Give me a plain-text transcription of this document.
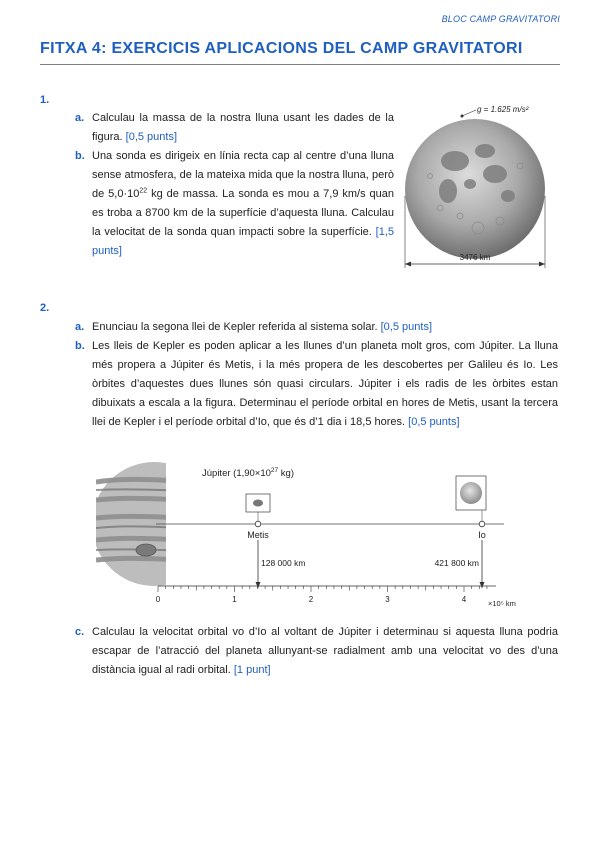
BLOC CAMP GRAVITATORI
FITXA 4: EXERCICIS APLICACIONS DEL CAMP GRAVITATORI
1.
a. Calculau la massa de la nostra lluna usant les dades de la figura. [0,5 punts]
b. Una sonda es dirigeix en línia recta cap al centre d’una lluna sense atmosfera, de la mateixa mida que la nostra lluna, però de $5,0\cdot 10^{22}$ kg de massa. La sonda es mou a 7,9 km/s quan es troba a 8700 km de la superfície d’aquesta lluna. Calculau la velocitat de la sonda quan impacti sobre la superfície. [1,5 punts]
g = 1.625 m/s²
3476 km
2.
a. Enunciau la segona llei de Kepler referida al sistema solar. [0,5 punts]
b. Les lleis de Kepler es poden aplicar a les llunes d’un planeta molt gros, com Júpiter. La lluna més propera a Júpiter és Metis, i la més propera de les descobertes per Galileu és Io. Les òrbites d’aquestes dues llunes són quasi circulars. Júpiter i els radis de les òrbites estan dibuixats a escala a la figura. Determinau el període orbital en hores de Metis, usant la tercera llei de Kepler i el període orbital d’Io, que és d’1 dia i 18,5 hores. [0,5 punts]
Júpiter ($1,90\times 10^{27}$ kg)
Metis	Io
128 000 km	421 800 km
0	1	2	3	4	×10⁵ km
c. Calculau la velocitat orbital vo d’Io al voltant de Júpiter i determinau si aquesta lluna podria escapar de l’atracció del planeta allunyant-se radialment amb una velocitat vo des d’una distància igual al radi orbital. [1 punt]
